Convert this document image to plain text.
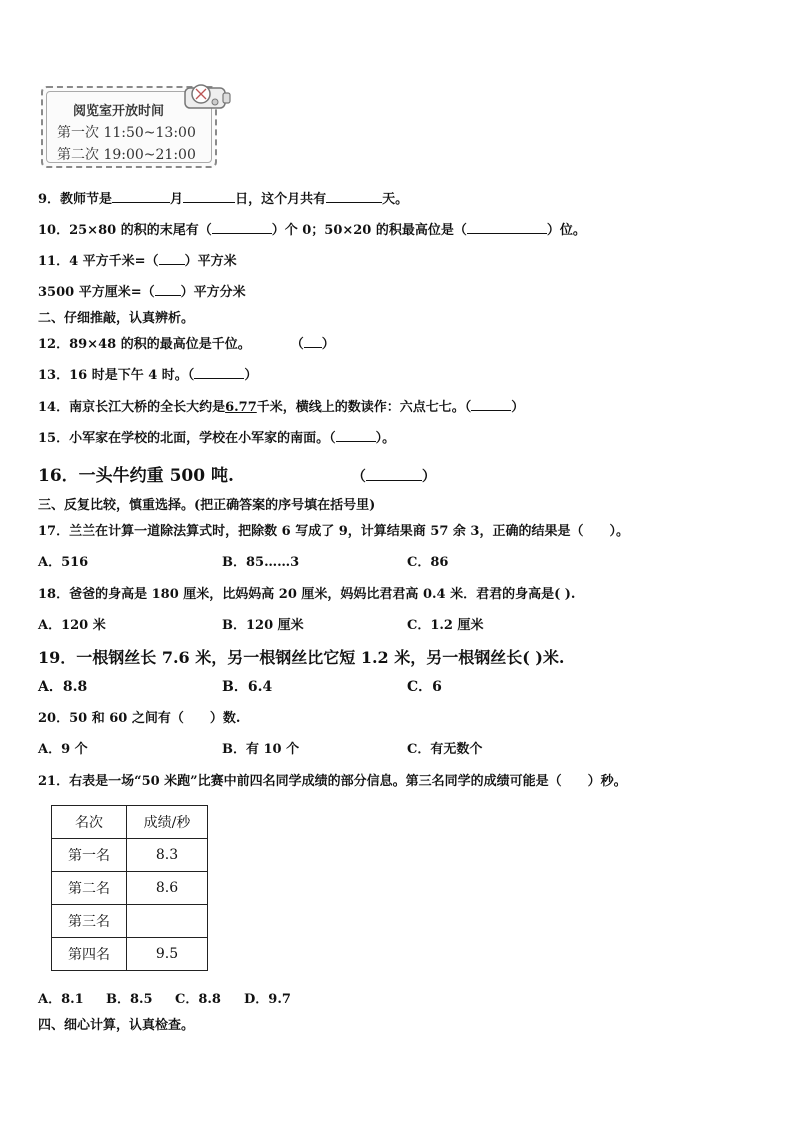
阅览室开放时间
第一次 11:50~13:00
第二次 19:00~21:00
9．教师节是	月	日，这个月共有	天。
10．25×80 的积的末尾有（	）个 0；50×20 的积最高位是（	）位。
11．4 平方千米=（ ）平方米
3500 平方厘米=（ ）平方分米
二、仔细推敲，认真辨析。
12．89×48 的积的最高位是千位。	（ ）
13．16 时是下午 4 时。（	）
14．南京长江大桥的全长大约是6.77千米，横线上的数读作：六点七七。（	）
15．小军家在学校的北面，学校在小军家的南面。（	）。
16．一头牛约重 500 吨.	（	）
三、反复比较，慎重选择。(把正确答案的序号填在括号里)
17．兰兰在计算一道除法算式时，把除数 6 写成了 9，计算结果商 57 余 3，正确的结果是（　　）。
A．516	B．85……3	C．86
18．爸爸的身高是 180 厘米，比妈妈高 20 厘米，妈妈比君君高 0.4 米．君君的身高是( ).
A．120 米	B．120 厘米	C．1.2 厘米
19．一根钢丝长 7.6 米，另一根钢丝比它短 1.2 米，另一根钢丝长( )米.
A．8.8	B．6.4	C．6
20．50 和 60 之间有（　　）数.
A．9 个	B．有 10 个	C．有无数个
21．右表是一场“50 米跑”比赛中前四名同学成绩的部分信息。第三名同学的成绩可能是（　　）秒。
名次	成绩/秒
第一名	8.3
第二名	8.6
第三名	
第四名	9.5
A．8.1 B．8.5 C．8.8 D．9.7
四、细心计算，认真检查。
